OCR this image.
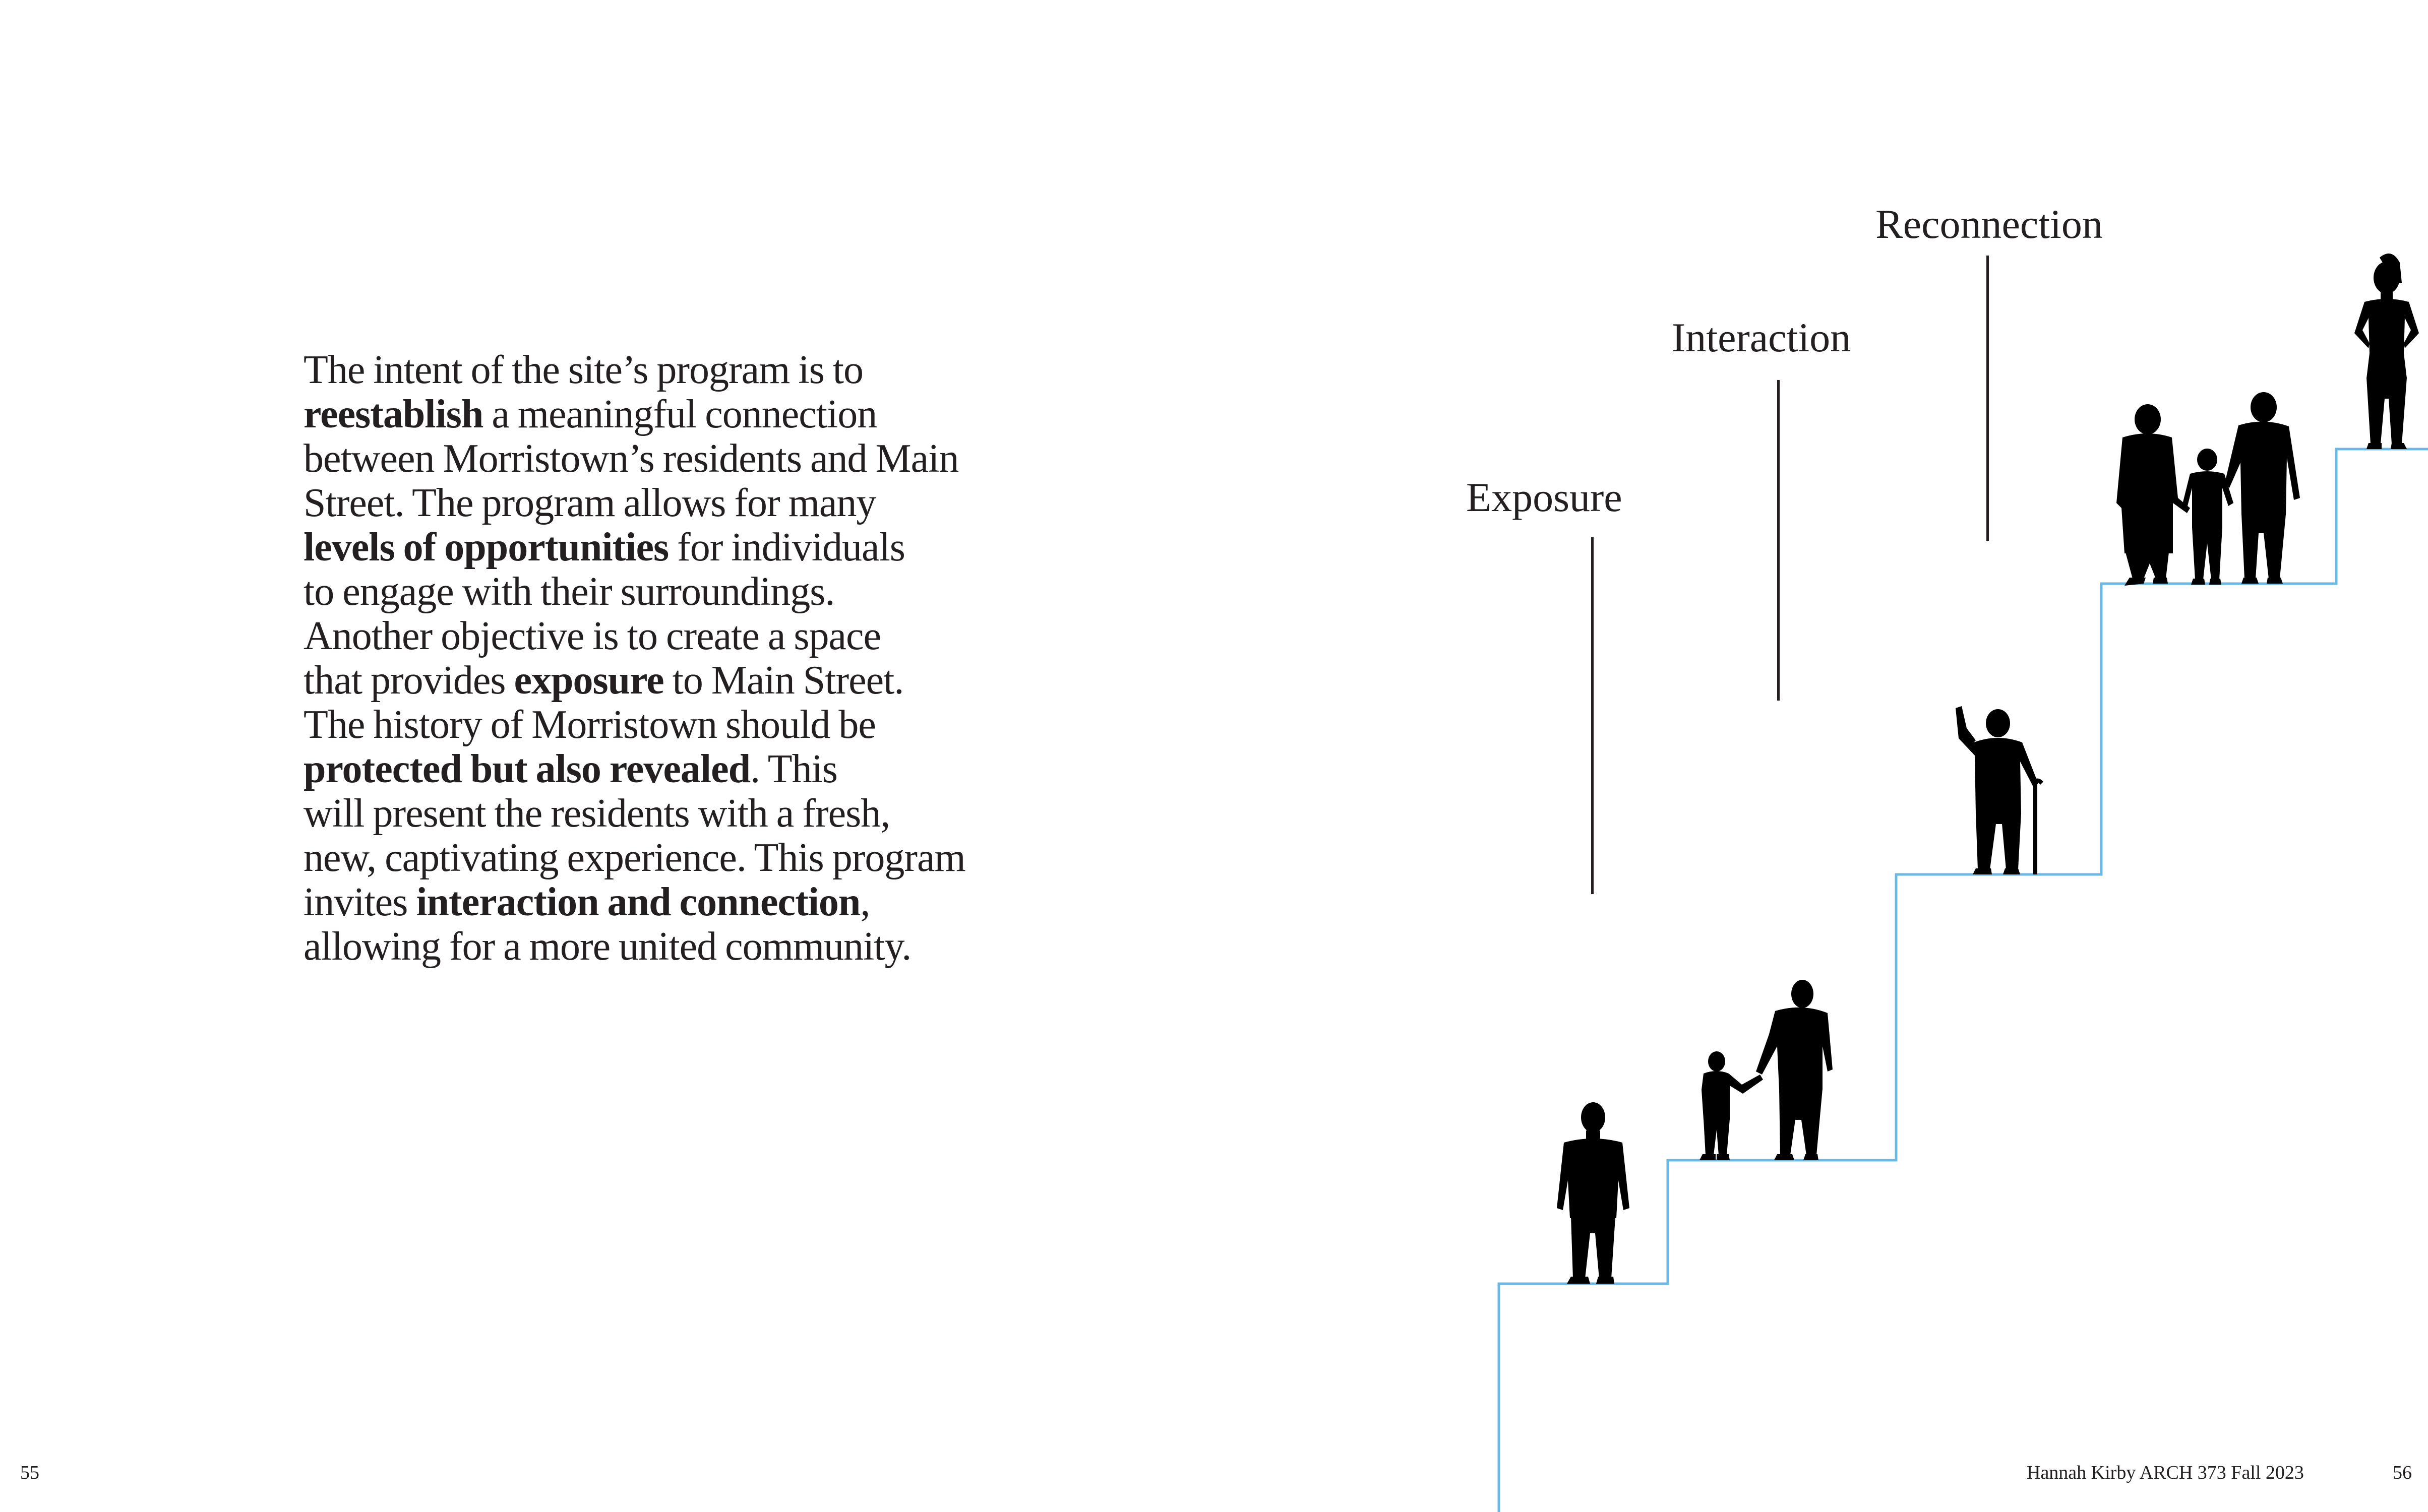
The intent of the site’s program is to
reestablish a meaningful connection
between Morristown’s residents and Main
Street. The program allows for many
levels of opportunities for individuals
to engage with their surroundings.
Another objective is to create a space
that provides exposure to Main Street.
The history of Morristown should be
protected but also revealed. This
will present the residents with a fresh,
new, captivating experience. This program
invites interaction and connection,
allowing for a more united community.
55
Exposure
Interaction
Reconnection
Hannah Kirby ARCH 373 Fall 2023	56
